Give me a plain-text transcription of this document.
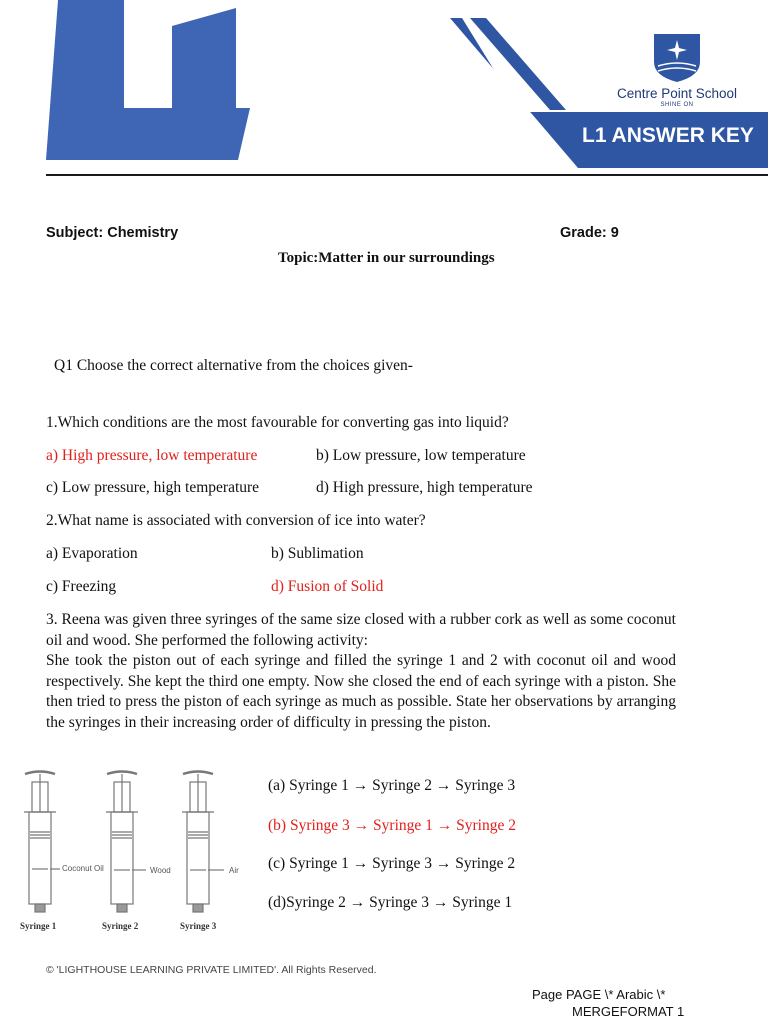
Centre Point School
SHINE ON
L1 ANSWER KEY
Subject: Chemistry	Grade: 9
Topic:Matter in our surroundings
Q1 Choose the correct alternative from the choices given-
1.Which conditions are the most favourable for converting gas into liquid?
a) High pressure, low temperature	b) Low pressure, low temperature
c) Low pressure, high temperature	d) High pressure, high temperature
2.What name is associated with conversion of ice into water?
a) Evaporation	b) Sublimation
c) Freezing	d) Fusion of Solid
3. Reena was given three syringes of the same size closed with a rubber cork as well as some coconut oil and wood. She performed the following activity:
She took the piston out of each syringe and filled the syringe 1 and 2 with coconut oil and wood respectively. She kept the third one empty. Now she closed the end of each syringe with a piston. She then tried to press the piston of each syringe as much as possible. State her observations by arranging the syringes in their increasing order of difficulty in pressing the piston.
Coconut Oil	Wood	Air
Syringe 1	Syringe 2	Syringe 3
(a) Syringe 1 → Syringe 2 → Syringe 3
(b) Syringe 3 → Syringe 1 → Syringe 2
(c) Syringe 1 → Syringe 3 → Syringe 2
(d)Syringe 2 → Syringe 3 → Syringe 1
© 'LIGHTHOUSE LEARNING PRIVATE LIMITED'. All Rights Reserved.
Page PAGE \* Arabic \*
MERGEFORMAT 1
